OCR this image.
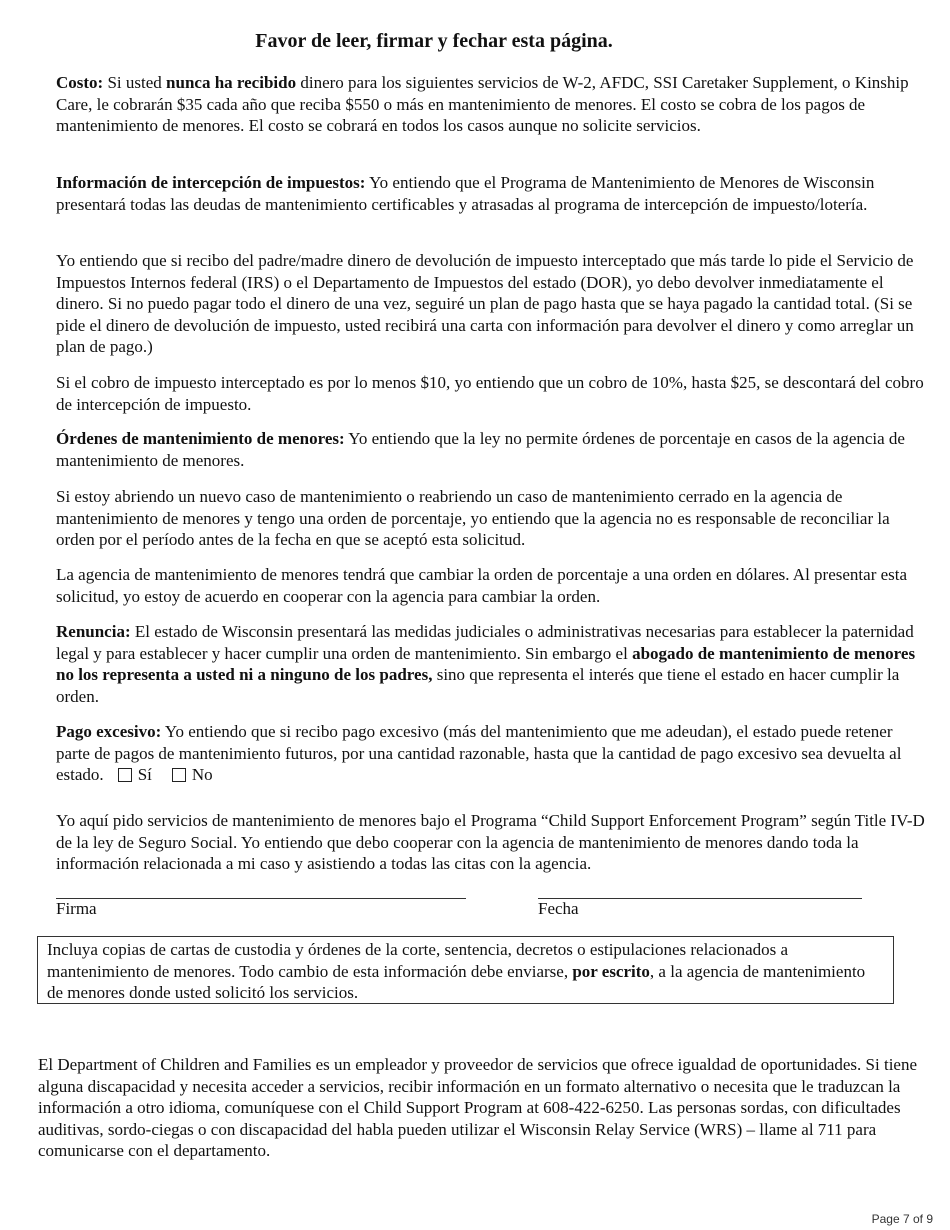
Favor de leer, firmar y fechar esta página.

Costo: Si usted nunca ha recibido dinero para los siguientes servicios de W-2, AFDC, SSI Caretaker Supplement, o Kinship Care, le cobrarán $35 cada año que reciba $550 o más en mantenimiento de menores. El costo se cobra de los pagos de mantenimiento de menores. El costo se cobrará en todos los casos aunque no solicite servicios.

Información de intercepción de impuestos: Yo entiendo que el Programa de Mantenimiento de Menores de Wisconsin presentará todas las deudas de mantenimiento certificables y atrasadas al programa de intercepción de impuesto/lotería.

Yo entiendo que si recibo del padre/madre dinero de devolución de impuesto interceptado que más tarde lo pide el Servicio de Impuestos Internos federal (IRS) o el Departamento de Impuestos del estado (DOR), yo debo devolver inmediatamente el dinero. Si no puedo pagar todo el dinero de una vez, seguiré un plan de pago hasta que se haya pagado la cantidad total. (Si se pide el dinero de devolución de impuesto, usted recibirá una carta con información para devolver el dinero y como arreglar un plan de pago.)

Si el cobro de impuesto interceptado es por lo menos $10, yo entiendo que un cobro de 10%, hasta $25, se descontará del cobro de intercepción de impuesto.

Órdenes de mantenimiento de menores: Yo entiendo que la ley no permite órdenes de porcentaje en casos de la agencia de mantenimiento de menores.

Si estoy abriendo un nuevo caso de mantenimiento o reabriendo un caso de mantenimiento cerrado en la agencia de mantenimiento de menores y tengo una orden de porcentaje, yo entiendo que la agencia no es responsable de reconciliar la orden por el período antes de la fecha en que se aceptó esta solicitud.

La agencia de mantenimiento de menores tendrá que cambiar la orden de porcentaje a una orden en dólares. Al presentar esta solicitud, yo estoy de acuerdo en cooperar con la agencia para cambiar la orden.

Renuncia: El estado de Wisconsin presentará las medidas judiciales o administrativas necesarias para establecer la paternidad legal y para establecer y hacer cumplir una orden de mantenimiento. Sin embargo el abogado de mantenimiento de menores no los representa a usted ni a ninguno de los padres, sino que representa el interés que tiene el estado en hacer cumplir la orden.

Pago excesivo: Yo entiendo que si recibo pago excesivo (más del mantenimiento que me adeudan), el estado puede retener parte de pagos de mantenimiento futuros, por una cantidad razonable, hasta que la cantidad de pago excesivo sea devuelta al estado. Sí No

Yo aquí pido servicios de mantenimiento de menores bajo el Programa “Child Support Enforcement Program” según Title IV-D de la ley de Seguro Social. Yo entiendo que debo cooperar con la agencia de mantenimiento de menores dando toda la información relacionada a mi caso y asistiendo a todas las citas con la agencia.

Firma	Fecha
Incluya copias de cartas de custodia y órdenes de la corte, sentencia, decretos o estipulaciones relacionados a mantenimiento de menores. Todo cambio de esta información debe enviarse, por escrito, a la agencia de mantenimiento de menores donde usted solicitó los servicios.

El Department of Children and Families es un empleador y proveedor de servicios que ofrece igualdad de oportunidades. Si tiene alguna discapacidad y necesita acceder a servicios, recibir información en un formato alternativo o necesita que le traduzcan la información a otro idioma, comuníquese con el Child Support Program at 608-422-6250. Las personas sordas, con dificultades auditivas, sordo-ciegas o con discapacidad del habla pueden utilizar el Wisconsin Relay Service (WRS) – llame al 711 para comunicarse con el departamento.

Page 7 of 9
